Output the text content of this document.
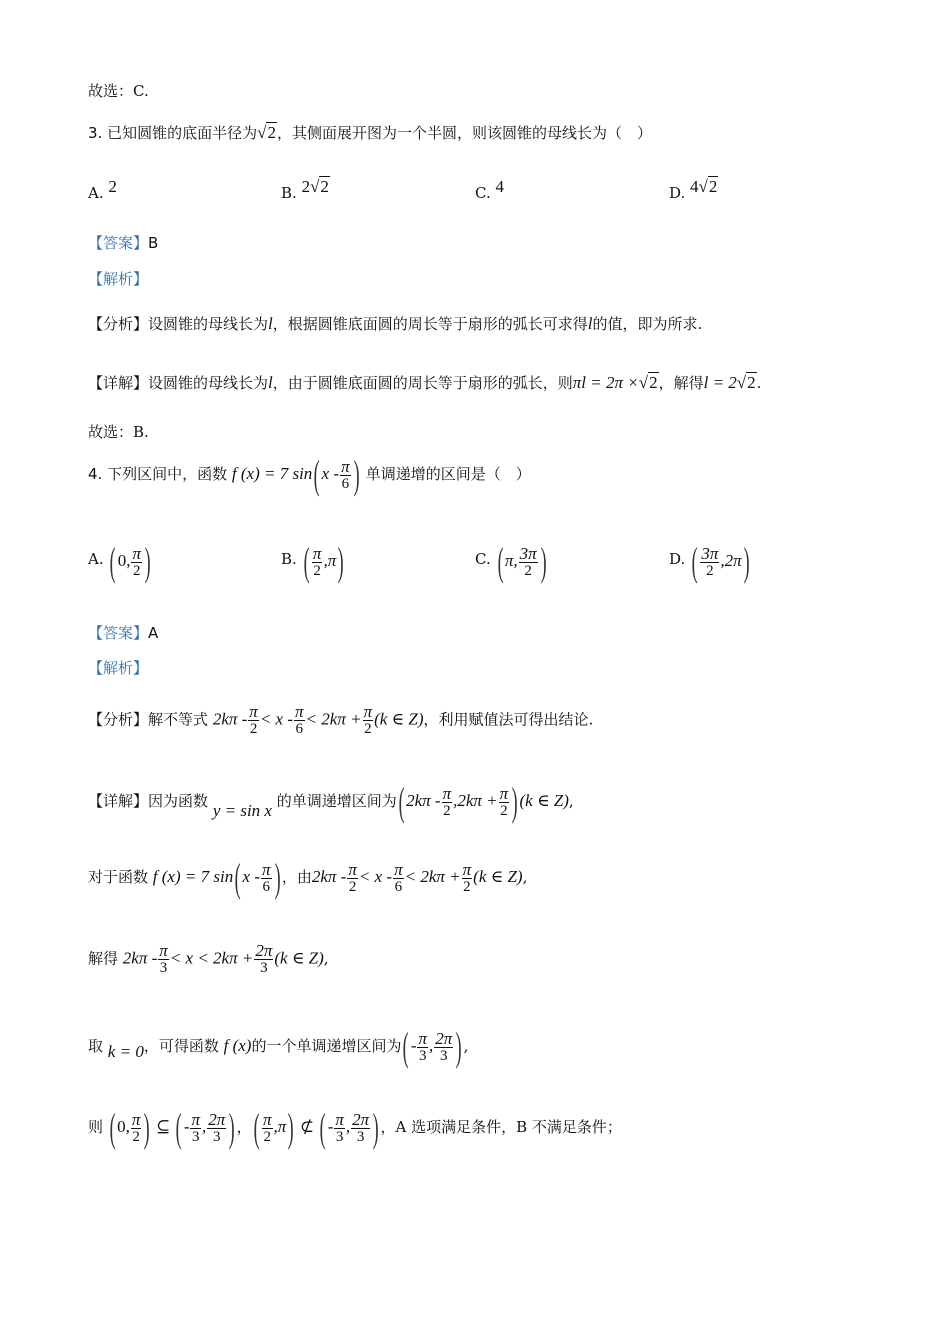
故选：C.
3. 已知圆锥的底面半径为√2，其侧面展开图为一个半圆，则该圆锥的母线长为（　）
A. 2	B. 2√2	C. 4	D. 4√2
【答案】B
【解析】
【分析】设圆锥的母线长为l，根据圆锥底面圆的周长等于扇形的弧长可求得l的值，即为所求.
【详解】设圆锥的母线长为l，由于圆锥底面圆的周长等于扇形的弧长，则πl = 2π ×√2，解得l = 2√2.
故选：B.
4. 下列区间中，函数 f (x) = 7 $\sin(x - \frac{\pi}{6}$ ) 单调递增的区间是（　）
A. (0, $\frac{\pi}{2}$ )	B. ( $\frac{\pi}{2} ,\pi$)	C. (π, $\frac{3\pi}{2}$ )	D. ( $\frac{3\pi}{2} ,2\pi$)
【答案】A
【解析】
【分析】解不等式 $2k\pi - \frac{\pi}{2} < x - \frac{\pi}{6} < 2k\pi + \frac{\pi}{2} (k$ ∈ Z)，利用赋值法可得出结论.
【详解】因为函数 y = sin x 的单调递增区间为$(2k\pi - \frac{\pi}{2} ,2k\pi + \frac{\pi}{2} )(k$ ∈ Z),
对于函数 f (x) = 7 $\sin(x - \frac{\pi}{6}$ ) ，由$2k\pi - \frac{\pi}{2} < x - \frac{\pi}{6} < 2k\pi + \frac{\pi}{2} (k$ ∈ Z),
解得 $2k\pi - \frac{\pi}{3} < x < 2k\pi + \frac{2\pi}{3} (k$ ∈ Z),
取 k = 0，可得函数 f (x)的一个单调递增区间为(- $\frac{\pi}{3}$ , $\frac{2\pi}{3}$ ) ,
则 (0, $\frac{\pi}{2}$ ) ⊆ (- $\frac{\pi}{3}$ , $\frac{2\pi}{3}$ ) ，( $\frac{\pi}{2} ,\pi$) ⊄ (- $\frac{\pi}{3}$ , $\frac{2\pi}{3}$ ) ，A 选项满足条件，B 不满足条件；
